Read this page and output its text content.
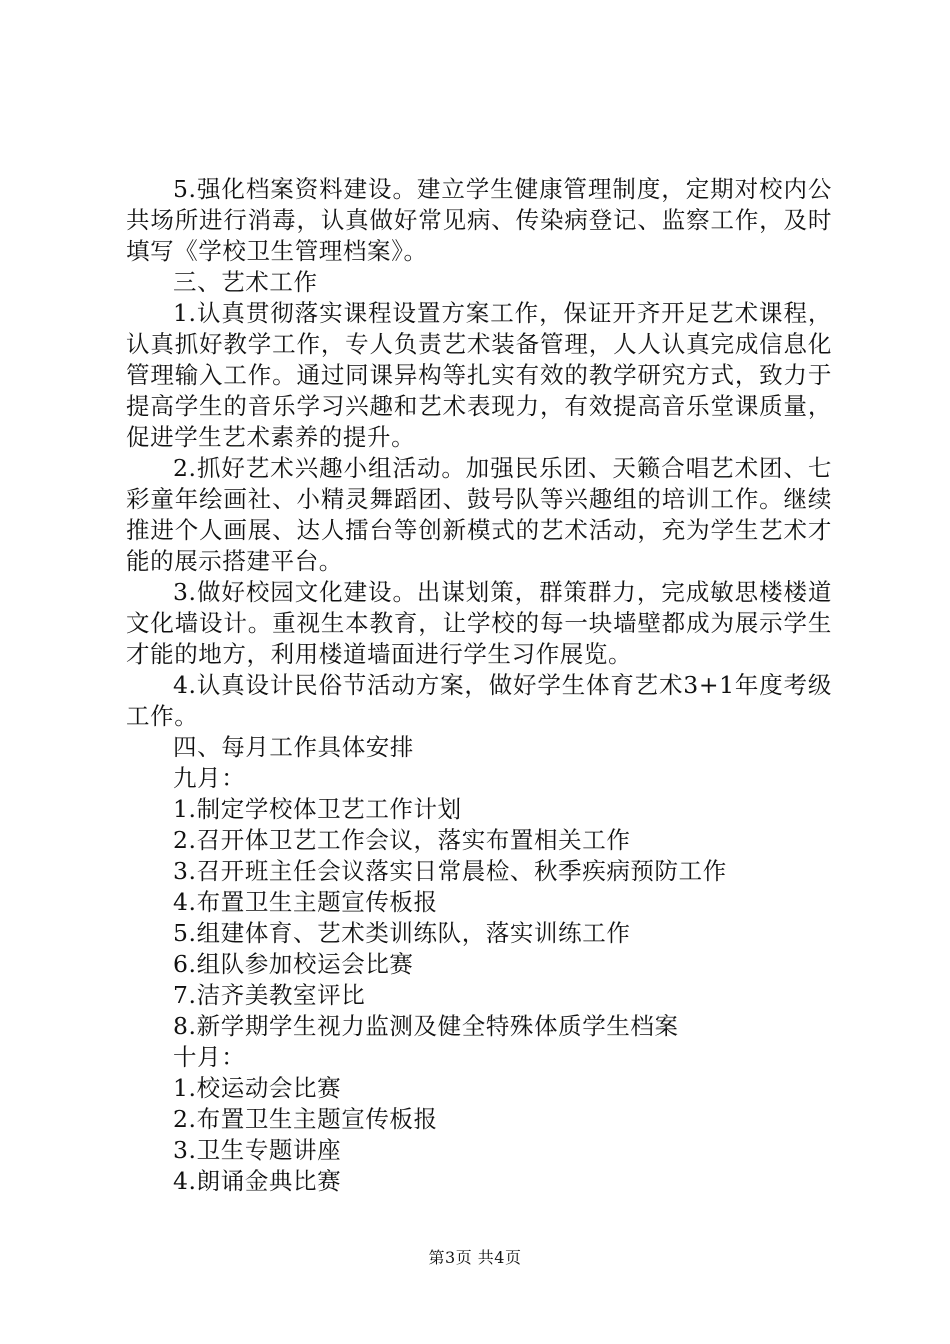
5.强化档案资料建设。建立学生健康管理制度，定期对校内公共场所进行消毒，认真做好常见病、传染病登记、监察工作，及时填写《学校卫生管理档案》。

三、艺术工作

1.认真贯彻落实课程设置方案工作，保证开齐开足艺术课程，认真抓好教学工作，专人负责艺术装备管理，人人认真完成信息化管理输入工作。通过同课异构等扎实有效的教学研究方式，致力于提高学生的音乐学习兴趣和艺术表现力，有效提高音乐堂课质量，促进学生艺术素养的提升。

2.抓好艺术兴趣小组活动。加强民乐团、天籁合唱艺术团、七彩童年绘画社、小精灵舞蹈团、鼓号队等兴趣组的培训工作。继续推进个人画展、达人擂台等创新模式的艺术活动，充为学生艺术才能的展示搭建平台。

3.做好校园文化建设。出谋划策，群策群力，完成敏思楼楼道文化墙设计。重视生本教育，让学校的每一块墙壁都成为展示学生才能的地方，利用楼道墙面进行学生习作展览。

4.认真设计民俗节活动方案，做好学生体育艺术3+1年度考级工作。

四、每月工作具体安排

九月：

1.制定学校体卫艺工作计划

2.召开体卫艺工作会议，落实布置相关工作

3.召开班主任会议落实日常晨检、秋季疾病预防工作

4.布置卫生主题宣传板报

5.组建体育、艺术类训练队，落实训练工作

6.组队参加校运会比赛

7.洁齐美教室评比

8.新学期学生视力监测及健全特殊体质学生档案

十月：

1.校运动会比赛

2.布置卫生主题宣传板报

3.卫生专题讲座

4.朗诵金典比赛

第3页 共4页
